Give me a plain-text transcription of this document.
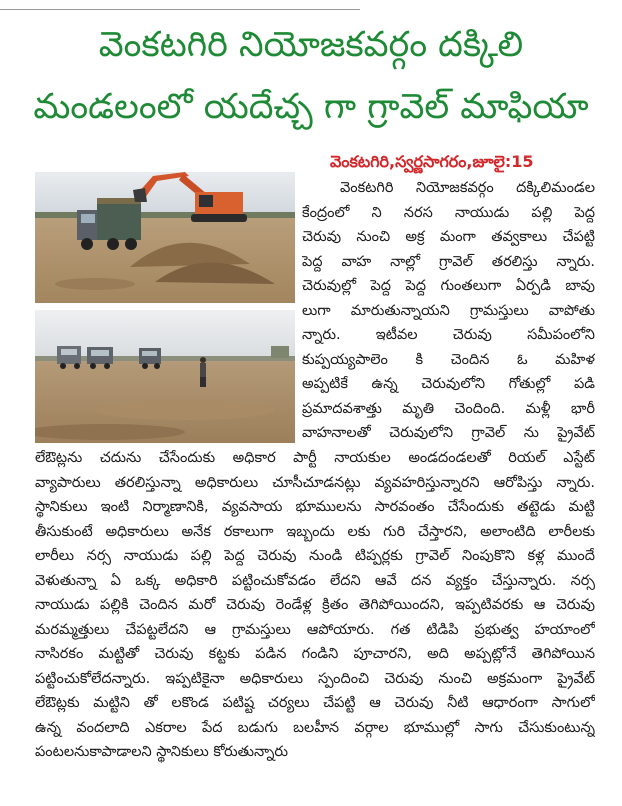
వెంకటగిరి నియోజకవర్గం దక్కిలి
మండలంలో యదేచ్చ గా గ్రావెల్ మాఫియా
వెంకటగిరి,స్వర్ణసాగరం,జూలై:15
వెంకటగిరి నియోజకవర్గం దక్కిలిమండల
కేంద్రంలో ని నరస నాయుడు పల్లి పెద్ద
చెరువు నుంచి అక్ర మంగా తవ్వకాలు చేపట్టి
పెద్ద వాహ నాల్లో గ్రావెల్ తరలిస్తు న్నారు.
చెరువుల్లో పెద్ద పెద్ద గుంతలుగా ఏర్పడి బావు
లుగా మారుతున్నాయని గ్రామస్తులు వాపోతు
న్నారు. ఇటీవల చెరువు సమీపంలోని
కుప్పయ్యపాలెం కి చెందిన ఓ మహిళ
అప్పటికే ఉన్న చెరువులోని గోతుల్లో పడి
ప్రమాదవశాత్తు మృతి చెందింది. మళ్లీ భారీ
వాహనాలతో చెరువులోని గ్రావెల్ ను ప్రైవేట్
లేఔట్లను చదును చేసేందుకు అధికార పార్టీ నాయకుల అండదండలతో రియల్ ఎస్టేట్
వ్యాపారులు తరలిస్తున్నా అధికారులు చూసీచూడనట్లు వ్యవహరిస్తున్నారని ఆరోపిస్తు న్నారు.
స్థానికులు ఇంటి నిర్మాణానికి, వ్యవసాయ భూములను సారవంతం చేసేందుకు తట్టెడు మట్టి
తీసుకుంటే అధికారులు అనేక రకాలుగా ఇబ్బందు లకు గురి చేస్తారని, అలాంటిది లారీలకు
లారీలు నర్స నాయుడు పల్లి పెద్ద చెరువు నుండి టిప్పర్లకు గ్రావెల్ నింపుకొని కళ్ల ముందే
వెళుతున్నా ఏ ఒక్క అధికారి పట్టించుకోవడం లేదని ఆవే దన వ్యక్తం చేస్తున్నారు. నర్స
నాయుడు పల్లికి చెందిన మరో చెరువు రెండేళ్ల క్రితం తెగిపోయిందని, ఇప్పటివరకు ఆ చెరువు
మరమ్మత్తులు చేపట్టలేదని ఆ గ్రామస్తులు ఆపోయారు. గత టిడిపి ప్రభుత్వ హయాంలో
నాసిరకం మట్టితో చెరువు కట్టకు పడిన గండిని పూచారని, అది అప్పట్లోనే తెగిపోయిన
పట్టించుకోలేదన్నారు. ఇప్పటికైనా అధికారులు స్పందించి చెరువు నుంచి అక్రమంగా ప్రైవేట్
లేఔట్లకు మట్టిని తో లకొండ పటిష్ట చర్యలు చేపట్టి ఆ చెరువు నీటి ఆధారంగా సాగులో
ఉన్న వందలాది ఎకరాల పేద బడుగు బలహీన వర్గాల భూముల్లో సాగు చేసుకుంటున్న
పంటలనుకాపాడాలని స్థానికులు కోరుతున్నారు
